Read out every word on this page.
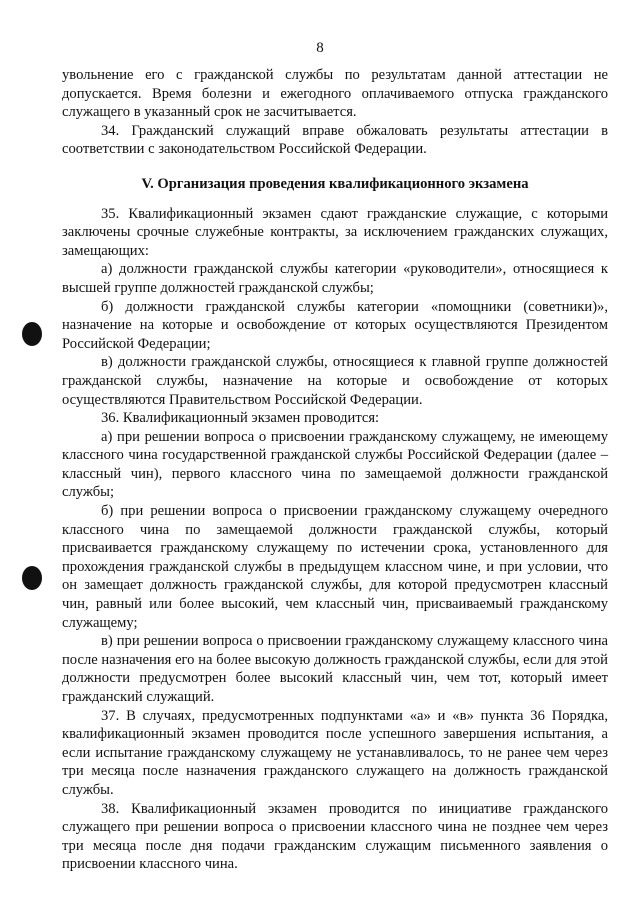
8

увольнение его с гражданской службы по результатам данной аттестации не допускается. Время болезни и ежегодного оплачиваемого отпуска гражданского служащего в указанный срок не засчитывается.

34. Гражданский служащий вправе обжаловать результаты аттестации в соответствии с законодательством Российской Федерации.

V. Организация проведения квалификационного экзамена

35. Квалификационный экзамен сдают гражданские служащие, с которыми заключены срочные служебные контракты, за исключением гражданских служащих, замещающих:

а) должности гражданской службы категории «руководители», относящиеся к высшей группе должностей гражданской службы;

б) должности гражданской службы категории «помощники (советники)», назначение на которые и освобождение от которых осуществляются Президентом Российской Федерации;

в) должности гражданской службы, относящиеся к главной группе должностей гражданской службы, назначение на которые и освобождение от которых осуществляются Правительством Российской Федерации.

36. Квалификационный экзамен проводится:

а) при решении вопроса о присвоении гражданскому служащему, не имеющему классного чина государственной гражданской службы Российской Федерации (далее – классный чин), первого классного чина по замещаемой должности гражданской службы;

б) при решении вопроса о присвоении гражданскому служащему очередного классного чина по замещаемой должности гражданской службы, который присваивается гражданскому служащему по истечении срока, установленного для прохождения гражданской службы в предыдущем классном чине, и при условии, что он замещает должность гражданской службы, для которой предусмотрен классный чин, равный или более высокий, чем классный чин, присваиваемый гражданскому служащему;

в) при решении вопроса о присвоении гражданскому служащему классного чина после назначения его на более высокую должность гражданской службы, если для этой должности предусмотрен более высокий классный чин, чем тот, который имеет гражданский служащий.

37. В случаях, предусмотренных подпунктами «а» и «в» пункта 36 Порядка, квалификационный экзамен проводится после успешного завершения испытания, а если испытание гражданскому служащему не устанавливалось, то не ранее чем через три месяца после назначения гражданского служащего на должность гражданской службы.

38. Квалификационный экзамен проводится по инициативе гражданского служащего при решении вопроса о присвоении классного чина не позднее чем через три месяца после дня подачи гражданским служащим письменного заявления о присвоении классного чина.
